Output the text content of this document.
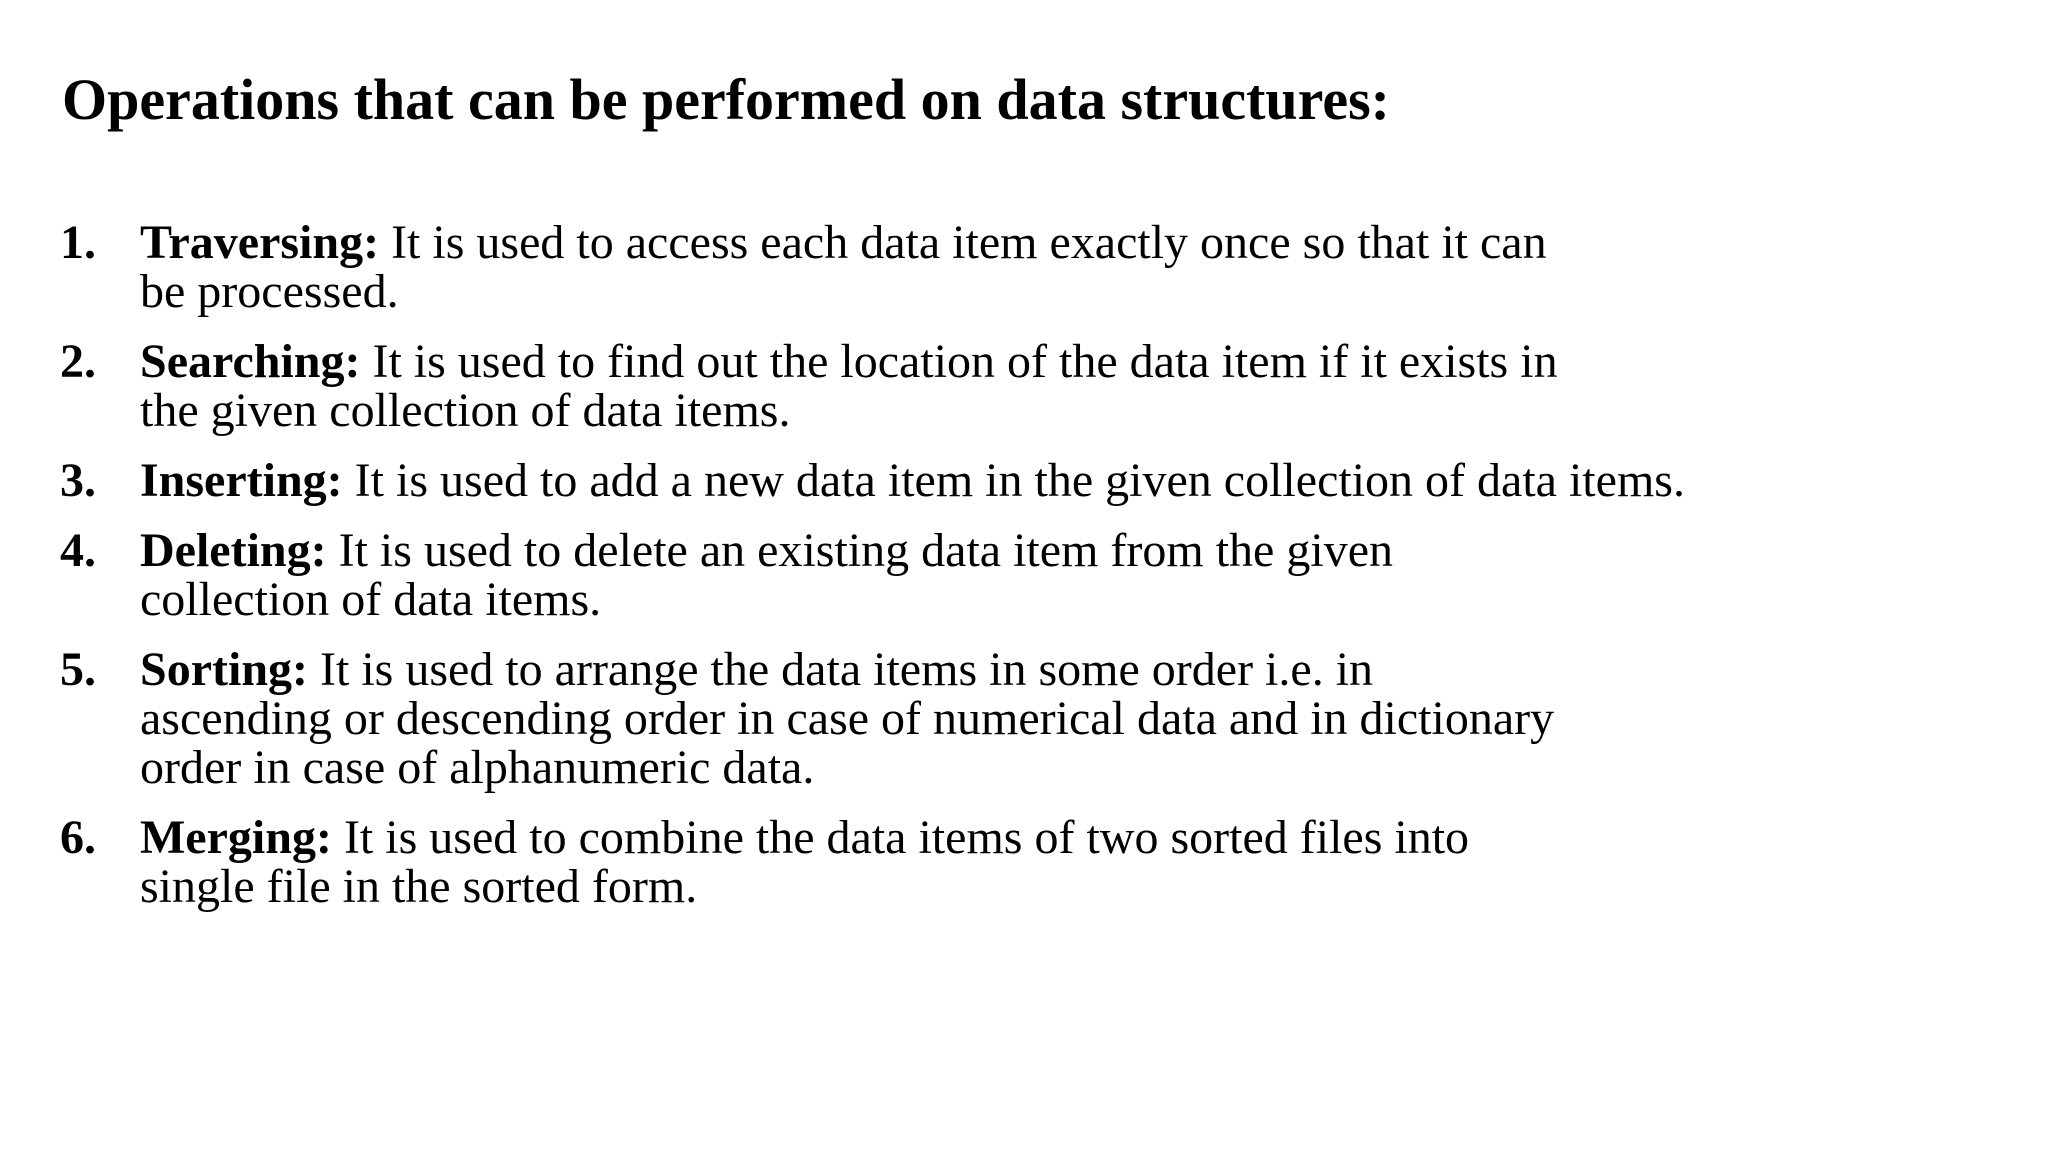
Operations that can be performed on data structures:
1. Traversing: It is used to access each data item exactly once so that it can
be processed.
2. Searching: It is used to find out the location of the data item if it exists in
the given collection of data items.
3. Inserting: It is used to add a new data item in the given collection of data items.
4. Deleting: It is used to delete an existing data item from the given
collection of data items.
5. Sorting: It is used to arrange the data items in some order i.e. in
ascending or descending order in case of numerical data and in dictionary
order in case of alphanumeric data.
6. Merging: It is used to combine the data items of two sorted files into
single file in the sorted form.
